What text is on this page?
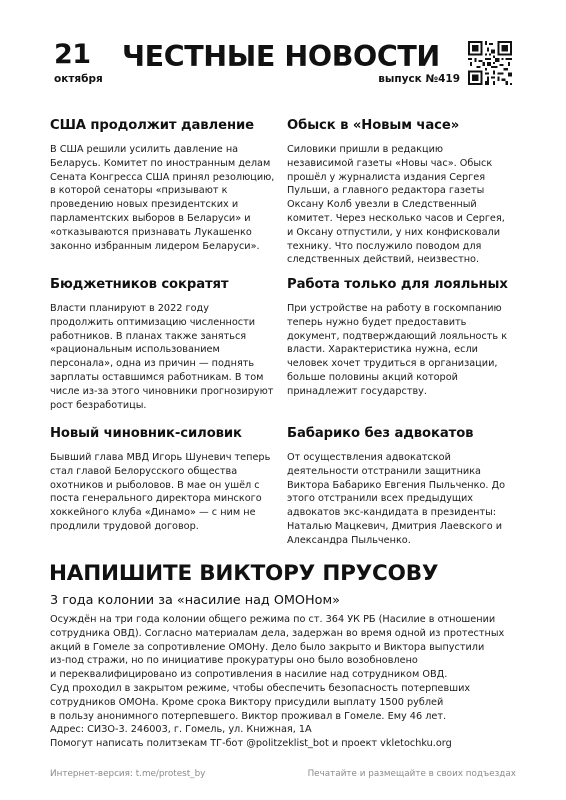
21
октября
ЧЕСТНЫЕ НОВОСТИ
выпуск №419
США продолжит давление

В США решили усилить давление на Беларусь. Комитет по иностранным делам Сената Конгресса США принял резолюцию, в которой сенаторы «призывают к проведению новых президентских и парламентских выборов в Беларуси» и «отказываются признавать Лукашенко законно избранным лидером Беларуси».

Обыск в «Новым часе»

Силовики пришли в редакцию независимой газеты «Новы час». Обыск прошёл у журналиста издания Сергея Пульши, а главного редактора газеты Оксану Колб увезли в Следственный комитет. Через несколько часов и Сергея, и Оксану отпустили, у них конфисковали технику. Что послужило поводом для следственных действий, неизвестно.

Бюджетников сократят

Власти планируют в 2022 году продолжить оптимизацию численности работников. В планах также заняться «рациональным использованием персонала», одна из причин — поднять зарплаты оставшимся работникам. В том числе из-за этого чиновники прогнозируют рост безработицы.

Работа только для лояльных

При устройстве на работу в госкомпанию теперь нужно будет предоставить документ, подтверждающий лояльность к власти. Характеристика нужна, если человек хочет трудиться в организации, больше половины акций которой принадлежит государству.

Новый чиновник-силовик

Бывший глава МВД Игорь Шуневич теперь стал главой Белорусского общества охотников и рыболовов. В мае он ушёл с поста генерального директора минского хоккейного клуба «Динамо» — с ним не продлили трудовой договор.

Бабарико без адвокатов

От осуществления адвокатской деятельности отстранили защитника Виктора Бабарико Евгения Пыльченко. До этого отстранили всех предыдущих адвокатов экс-кандидата в президенты: Наталью Мацкевич, Дмитрия Лаевского и Александра Пыльченко.

НАПИШИТЕ ВИКТОРУ ПРУСОВУ
3 года колонии за «насилие над ОМОНом»
Осуждён на три года колонии общего режима по ст. 364 УК РБ (Насилие в отношении
сотрудника ОВД). Согласно материалам дела, задержан во время одной из протестных
акций в Гомеле за сопротивление ОМОНу. Дело было закрыто и Виктора выпустили
из-под стражи, но по инициативе прокуратуры оно было возобновлено
и переквалифицировано из сопротивления в насилие над сотрудником ОВД.
Суд проходил в закрытом режиме, чтобы обеспечить безопасность потерпевших
сотрудников ОМОНа. Кроме срока Виктору присудили выплату 1500 рублей
в пользу анонимного потерпевшего. Виктор проживал в Гомеле. Ему 46 лет.
Адрес: СИЗО-3. 246003, г. Гомель, ул. Книжная, 1А
Помогут написать политзекам ТГ-бот @politzeklist_bot и проект vkletochku.org
Интернет-версия: t.me/protest_by	Печатайте и размещайте в своих подъездах
